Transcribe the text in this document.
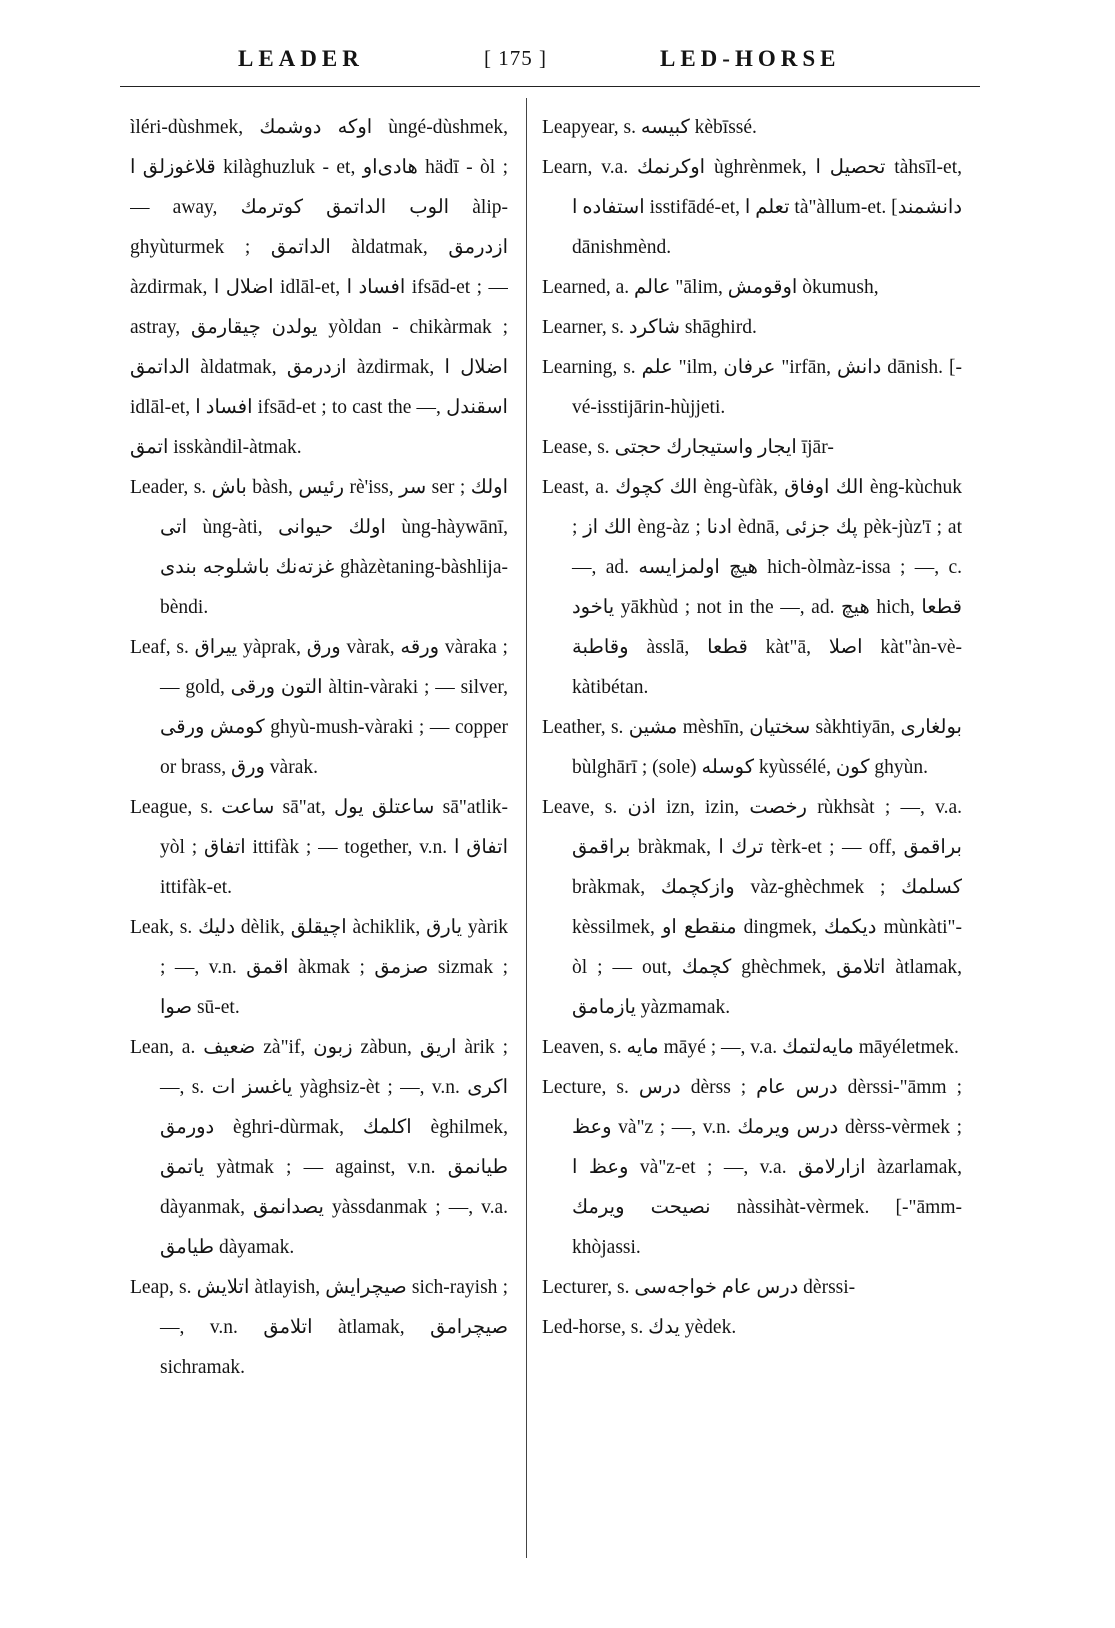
LEADER	[ 175 ]	LED-HORSE

ìléri-dùshmek, اوکه دوشمك ùngé-dùshmek, قلاغوزلق ا kilàghuzluk - et, هادی‌او hädī - òl ; — away, الوب الداتمق كوترمك àlip-ghyùturmek ; الداتمق àldatmak, ازدرمق àzdirmak, اضلال ا idlāl-et, افساد ا ifsād-et ; — astray, يولدن چيقارمق yòldan - chikàrmak ; الداتمق àldatmak, ازدرمق àzdirmak, اضلال ا idlāl-et, افساد ا ifsād-et ; to cast the —, اسقندل اتمق isskàndil-àtmak.

Leader, s. باش bàsh, رئيس rè'iss, سر ser ; اولك اتى ùng-àti, اولك حيوانى ùng-hàywānī, غزته‌نك باشلوجه بندى ghàzètaning-bàshlija-bèndi.

Leaf, s. ييراق yàprak, ورق vàrak, ورقه vàraka ; — gold, التون ورقى àltin-vàraki ; — silver, كومش ورقى ghyù-mush-vàraki ; — copper or brass, ورق vàrak.

League, s. ساعت sā"at, ساعتلق يول sā"atlik-yòl ; اتفاق ittifàk ; — together, v.n. اتفاق ا ittifàk-et.

Leak, s. دليك dèlik, اچيقلق àchiklik, يارق yàrik ; —, v.n. اقمق àkmak ; صزمق sizmak ; صوا sū-et.

Lean, a. ضعيف zà"if, زبون zàbun, اريق àrik ; —, s. ياغسز ات yàghsiz-èt ; —, v.n. اكرى دورمق èghri-dùrmak, اكلمك èghilmek, ياتمق yàtmak ; — against, v.n. طيانمق dàyanmak, يصدانمق yàssdanmak ; —, v.a. طيامق dàyamak.

Leap, s. اتلايش àtlayish, صيچرايش sich-rayish ; —, v.n. اتلامق àtlamak, صيچرامق sichramak.

Leapyear, s. كبيسه kèbīssé.

Learn, v.a. اوكرنمك ùghrènmek, تحصيل ا tàhsīl-et, استفاده ا isstifādé-et, تعلم ا tà"àllum-et. [دانشمند dānishmènd.

Learned, a. عالم "ālim, اوقومش òkumush,

Learner, s. شاكرد shāghird.

Learning, s. علم "ilm, عرفان "irfān, دانش dānish. [-vé-isstijārin-hùjjeti.

Lease, s. ايجار واستيجارك حجتى ījār-

Least, a. الك كچوك èng-ùfàk, الك اوفاق èng-kùchuk ; الك از èng-àz ; ادنا èdnā, پك جزئى pèk-jùz'ī ; at —, ad. هيچ اولمزايسه hich-òlmàz-issa ; —, c. ياخود yākhùd ; not in the —, ad. هيچ hich, قطعا وقاطبة àsslā, قطعا kàt"ā, اصلا kàt"àn-vè-kàtibétan.

Leather, s. مشين mèshīn, سختيان sàkhtiyān, بولغارى bùlghārī ; (sole) كوسله kyùssélé, كون ghyùn.

Leave, s. اذن izn, izin, رخصت rùkhsàt ; —, v.a. براقمق bràkmak, ترك ا tèrk-et ; — off, براقمق bràkmak, وازكچمك vàz-ghèchmek ; كسلمك kèssilmek, منقطع او dingmek, ديكمك mùnkàti"-òl ; — out, كچمك ghèchmek, اتلامق àtlamak, يازمامق yàzmamak.

Leaven, s. مايه māyé ; —, v.a. مايه‌لتمك māyéletmek.

Lecture, s. درس dèrss ; درس عام dèrssi-"āmm ; وعظ và"z ; —, v.n. درس ويرمك dèrss-vèrmek ; وعظ ا và"z-et ; —, v.a. ازارلامق àzarlamak, نصيحت ويرمك nàssihàt-vèrmek. [-"āmm-khòjassi.

Lecturer, s. درس عام خواجه‌سى dèrssi-

Led-horse, s. يدك yèdek.
